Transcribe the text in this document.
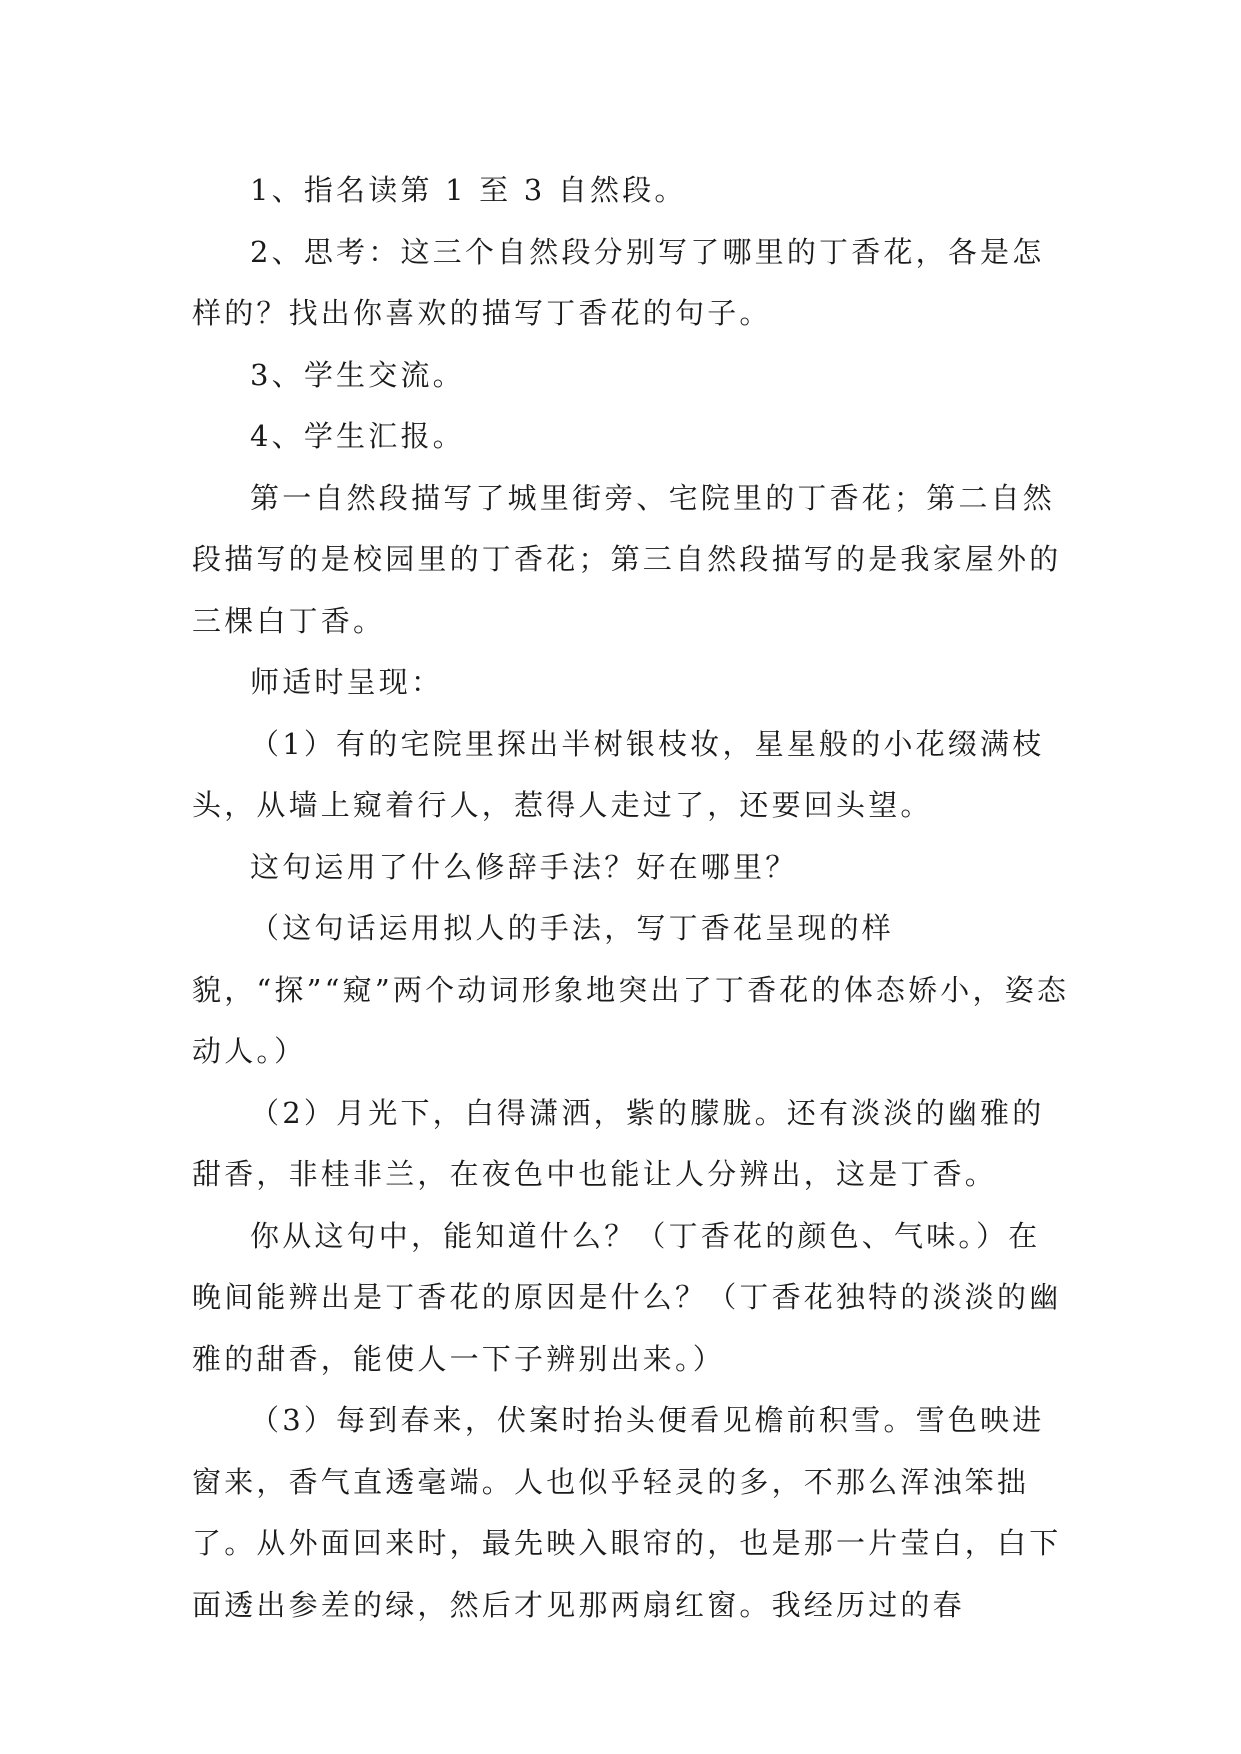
1、指名读第 1 至 3 自然段。

2、思考：这三个自然段分别写了哪里的丁香花，各是怎样的？找出你喜欢的描写丁香花的句子。

3、学生交流。

4、学生汇报。

第一自然段描写了城里街旁、宅院里的丁香花；第二自然段描写的是校园里的丁香花；第三自然段描写的是我家屋外的三棵白丁香。

师适时呈现：

（1）有的宅院里探出半树银枝妆，星星般的小花缀满枝头，从墙上窥着行人，惹得人走过了，还要回头望。

这句运用了什么修辞手法？好在哪里？

（这句话运用拟人的手法，写丁香花呈现的样貌，“探”“窥”两个动词形象地突出了丁香花的体态娇小，姿态动人。）

（2）月光下，白得潇洒，紫的朦胧。还有淡淡的幽雅的甜香，非桂非兰，在夜色中也能让人分辨出，这是丁香。

你从这句中，能知道什么？（丁香花的颜色、气味。）在晚间能辨出是丁香花的原因是什么？（丁香花独特的淡淡的幽雅的甜香，能使人一下子辨别出来。）

（3）每到春来，伏案时抬头便看见檐前积雪。雪色映进窗来，香气直透毫端。人也似乎轻灵的多，不那么浑浊笨拙了。从外面回来时，最先映入眼帘的，也是那一片莹白，白下面透出参差的绿，然后才见那两扇红窗。我经历过的春
